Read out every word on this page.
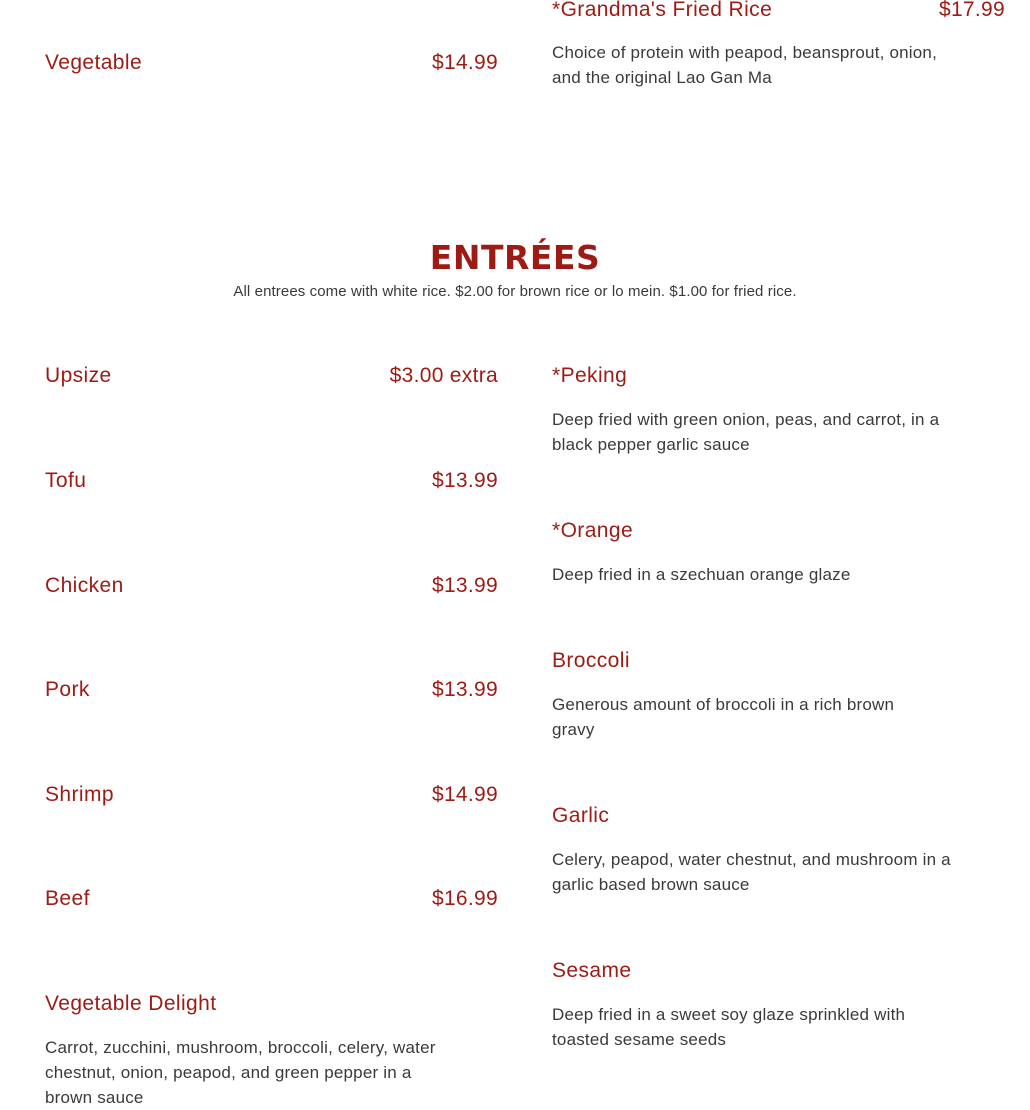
Vegetable	$14.99
*Grandma's Fried Rice	$17.99
Choice of protein with peapod, beansprout, onion, and the original Lao Gan Ma
ENTRÉES
All entrees come with white rice. $2.00 for brown rice or lo mein. $1.00 for fried rice.
Upsize	$3.00 extra
Tofu	$13.99
Chicken	$13.99
Pork	$13.99
Shrimp	$14.99
Beef	$16.99
Vegetable Delight
Carrot, zucchini, mushroom, broccoli, celery, water chestnut, onion, peapod, and green pepper in a brown sauce
*Peking
Deep fried with green onion, peas, and carrot, in a black pepper garlic sauce
*Orange
Deep fried in a szechuan orange glaze
Broccoli
Generous amount of broccoli in a rich brown gravy
Garlic
Celery, peapod, water chestnut, and mushroom in a garlic based brown sauce
Sesame
Deep fried in a sweet soy glaze sprinkled with toasted sesame seeds
